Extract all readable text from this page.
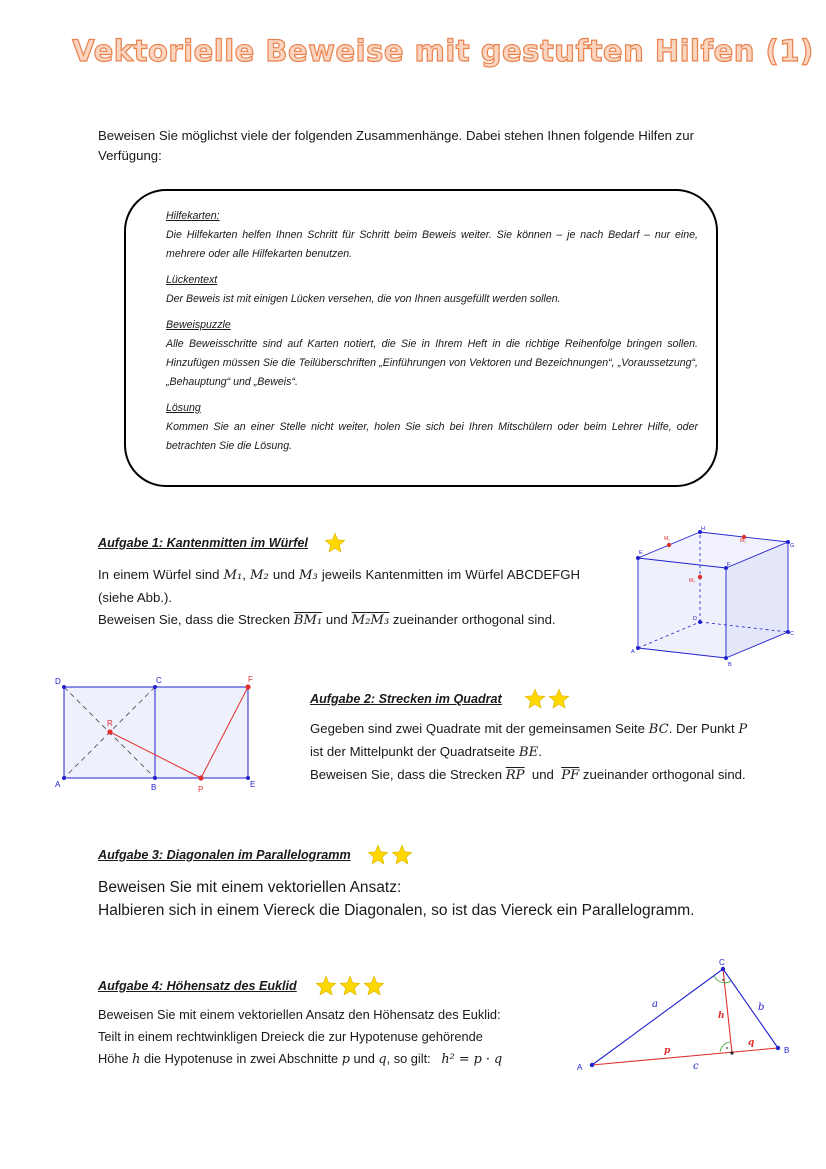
Vektorielle Beweise mit gestuften Hilfen (1)
Beweisen Sie möglichst viele der folgenden Zusammenhänge. Dabei stehen Ihnen folgende Hilfen zur Verfügung:
Hilfekarten:
Die Hilfekarten helfen Ihnen Schritt für Schritt beim Beweis weiter. Sie können – je nach Bedarf – nur eine, mehrere oder alle Hilfekarten benutzen.
Lückentext
Der Beweis ist mit einigen Lücken versehen, die von Ihnen ausgefüllt werden sollen.
Beweispuzzle
Alle Beweisschritte sind auf Karten notiert, die Sie in Ihrem Heft in die richtige Reihenfolge bringen sollen. Hinzufügen müssen Sie die Teilüberschriften „Einführungen von Vektoren und Bezeichnungen“, „Voraussetzung“, „Behauptung“ und „Beweis“.
Lösung
Kommen Sie an einer Stelle nicht weiter, holen Sie sich bei Ihren Mitschülern oder beim Lehrer Hilfe, oder betrachten Sie die Lösung.
Aufgabe 1: Kantenmitten im Würfel
In einem Würfel sind M₁, M₂ und M₃ jeweils Kantenmitten im Würfel ABCDEFGH (siehe Abb.).
Beweisen Sie, dass die Strecken BM₁ und M₂M₃ zueinander orthogonal sind.
A
B
C
D
E
F
G
H
M₁	M₂
M₃
D	C
A	B	E
F
P
R
Aufgabe 2: Strecken im Quadrat
Gegeben sind zwei Quadrate mit der gemeinsamen Seite BC. Der Punkt P
ist der Mittelpunkt der Quadratseite BE.
Beweisen Sie, dass die Strecken $\overline{RP}$  und  $\overline{PF}$ zueinander orthogonal sind.
Aufgabe 3: Diagonalen im Parallelogramm
Beweisen Sie mit einem vektoriellen Ansatz:
Halbieren sich in einem Viereck die Diagonalen, so ist das Viereck ein Parallelogramm.
Aufgabe 4: Höhensatz des Euklid
Beweisen Sie mit einem vektoriellen Ansatz den Höhensatz des Euklid:
Teilt in einem rechtwinkligen Dreieck die zur Hypotenuse gehörende
Höhe h die Hypotenuse in zwei Abschnitte p und q, so gilt:   h² = p · q
A
B
C
a	b
c
p
q
h
